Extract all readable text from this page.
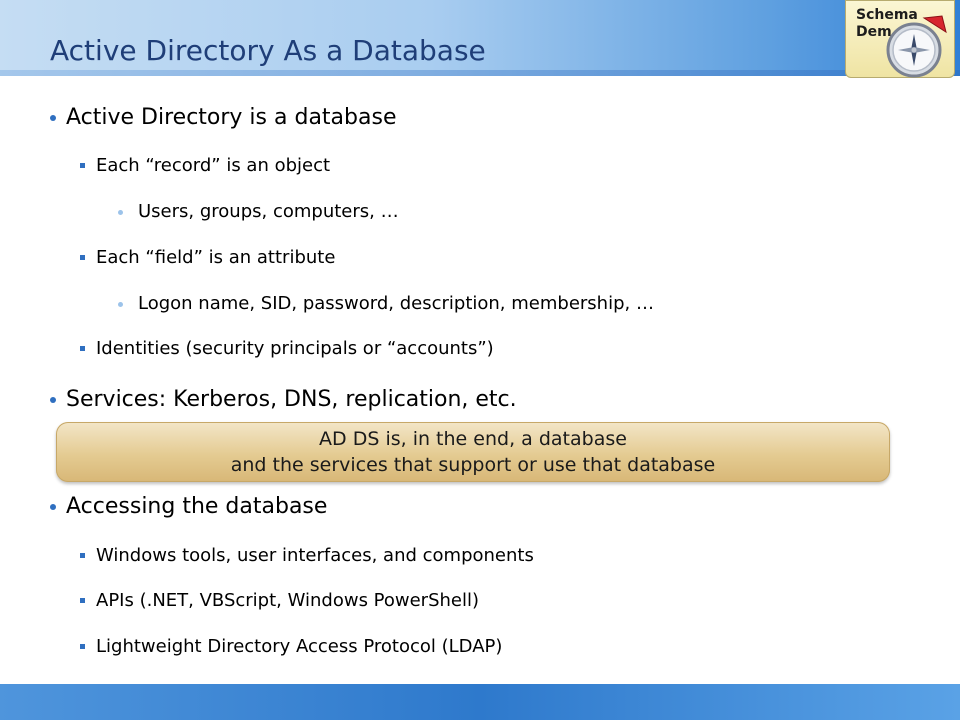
Active Directory As a Database
Schema
Dem
Active Directory is a database
Each “record” is an object
Users, groups, computers, …
Each “field” is an attribute
Logon name, SID, password, description, membership, …
Identities (security principals or “accounts”)
Services: Kerberos, DNS, replication, etc.
Accessing the database
Windows tools, user interfaces, and components
APIs (.NET, VBScript, Windows PowerShell)
Lightweight Directory Access Protocol (LDAP)
AD DS is, in the end, a database
and the services that support or use that database
